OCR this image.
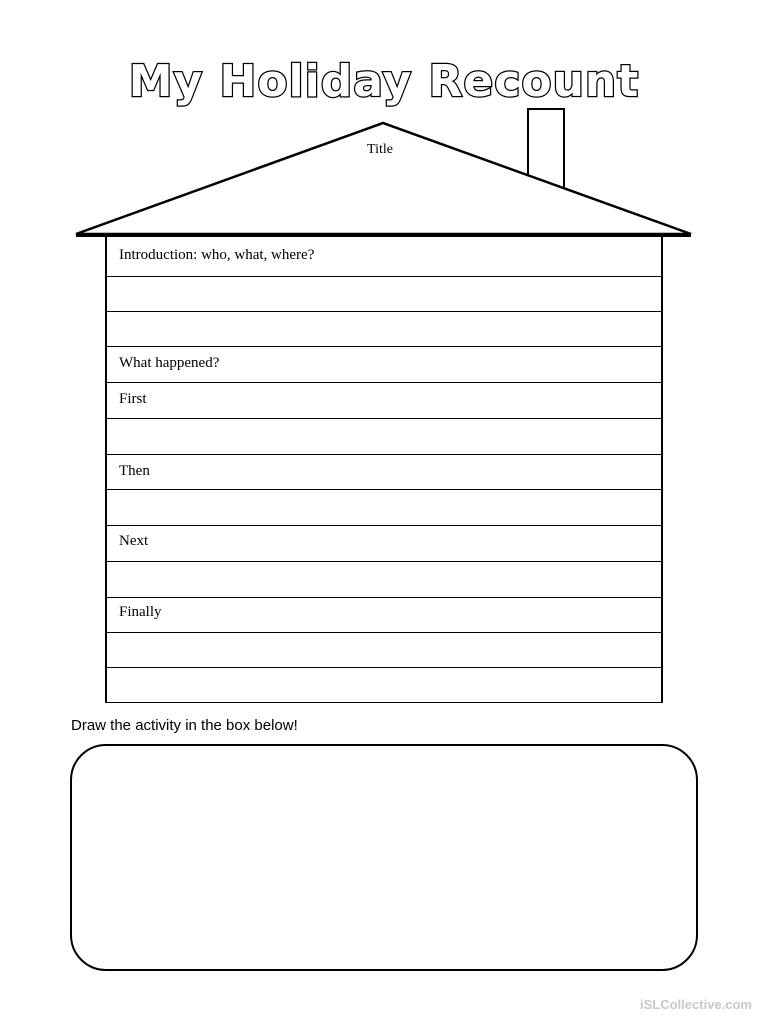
My Holiday Recount
Title
Introduction: who, what, where?
What happened?
First
Then
Next
Finally
Draw the activity in the box below!
iSLCollective.com
